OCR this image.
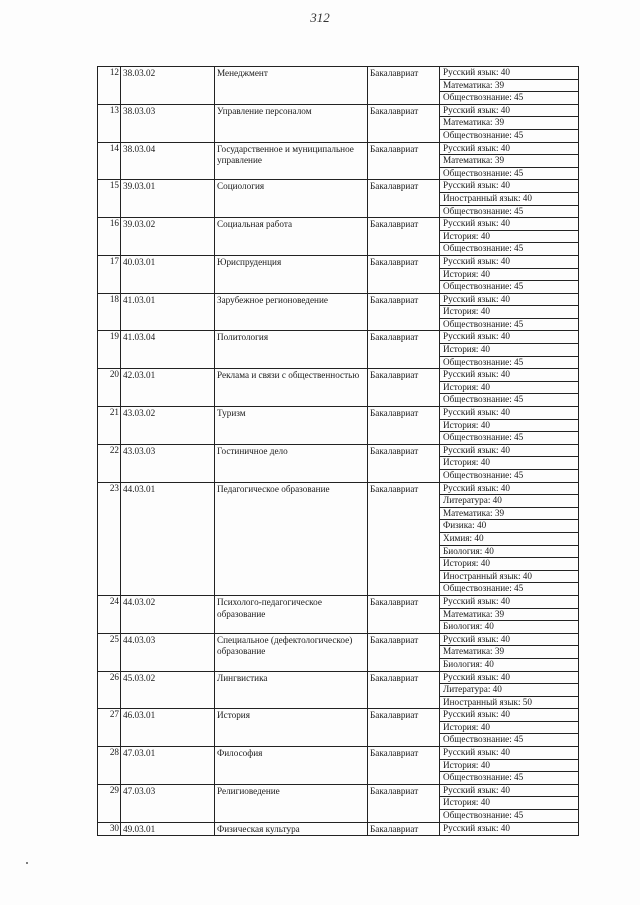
312
12	38.03.02	Менеджмент	Бакалавриат	Русский язык: 40
				Математика: 39
				Обществознание: 45
13	38.03.03	Управление персоналом	Бакалавриат	Русский язык: 40
				Математика: 39
				Обществознание: 45
14	38.03.04	Государственное и муниципальное управление	Бакалавриат	Русский язык: 40
				Математика: 39
				Обществознание: 45
15	39.03.01	Социология	Бакалавриат	Русский язык: 40
				Иностранный язык: 40
				Обществознание: 45
16	39.03.02	Социальная работа	Бакалавриат	Русский язык: 40
				История: 40
				Обществознание: 45
17	40.03.01	Юриспруденция	Бакалавриат	Русский язык: 40
				История: 40
				Обществознание: 45
18	41.03.01	Зарубежное регионоведение	Бакалавриат	Русский язык: 40
				История: 40
				Обществознание: 45
19	41.03.04	Политология	Бакалавриат	Русский язык: 40
				История: 40
				Обществознание: 45
20	42.03.01	Реклама и связи с общественностью	Бакалавриат	Русский язык: 40
				История: 40
				Обществознание: 45
21	43.03.02	Туризм	Бакалавриат	Русский язык: 40
				История: 40
				Обществознание: 45
22	43.03.03	Гостиничное дело	Бакалавриат	Русский язык: 40
				История: 40
				Обществознание: 45
23	44.03.01	Педагогическое образование	Бакалавриат	Русский язык: 40
				Литература: 40
				Математика: 39
				Физика: 40
				Химия: 40
				Биология: 40
				История: 40
				Иностранный язык: 40
				Обществознание: 45
24	44.03.02	Психолого-педагогическое образование	Бакалавриат	Русский язык: 40
				Математика: 39
				Биология: 40
25	44.03.03	Специальное (дефектологическое) образование	Бакалавриат	Русский язык: 40
				Математика: 39
				Биология: 40
26	45.03.02	Лингвистика	Бакалавриат	Русский язык: 40
				Литература: 40
				Иностранный язык: 50
27	46.03.01	История	Бакалавриат	Русский язык: 40
				История: 40
				Обществознание: 45
28	47.03.01	Философия	Бакалавриат	Русский язык: 40
				История: 40
				Обществознание: 45
29	47.03.03	Религиоведение	Бакалавриат	Русский язык: 40
				История: 40
				Обществознание: 45
30	49.03.01	Физическая культура	Бакалавриат	Русский язык: 40
